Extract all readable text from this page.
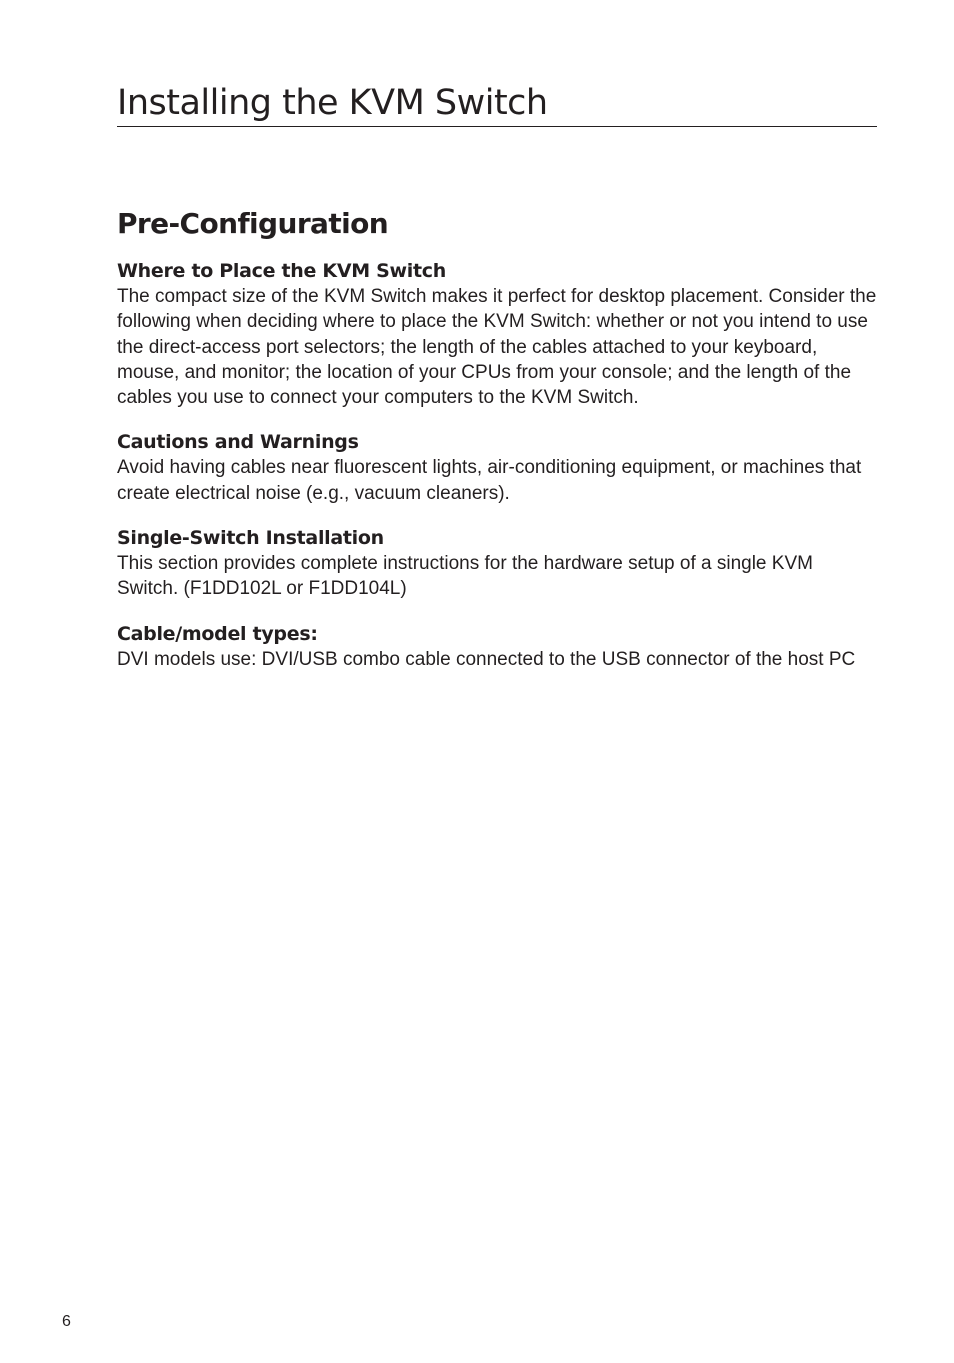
Installing the KVM Switch
Pre-Configuration
Where to Place the KVM Switch

The compact size of the KVM Switch makes it perfect for desktop placement. Consider the following when deciding where to place the KVM Switch: whether or not you intend to use the direct-access port selectors; the length of the cables attached to your keyboard, mouse, and monitor; the location of your CPUs from your console; and the length of the cables you use to connect your computers to the KVM Switch.

Cautions and Warnings

Avoid having cables near fluorescent lights, air-conditioning equipment, or machines that create electrical noise (e.g., vacuum cleaners).

Single-Switch Installation

This section provides complete instructions for the hardware setup of a single KVM Switch. (F1DD102L or F1DD104L)

Cable/model types:

DVI models use: DVI/USB combo cable connected to the USB connector of the host PC

6
